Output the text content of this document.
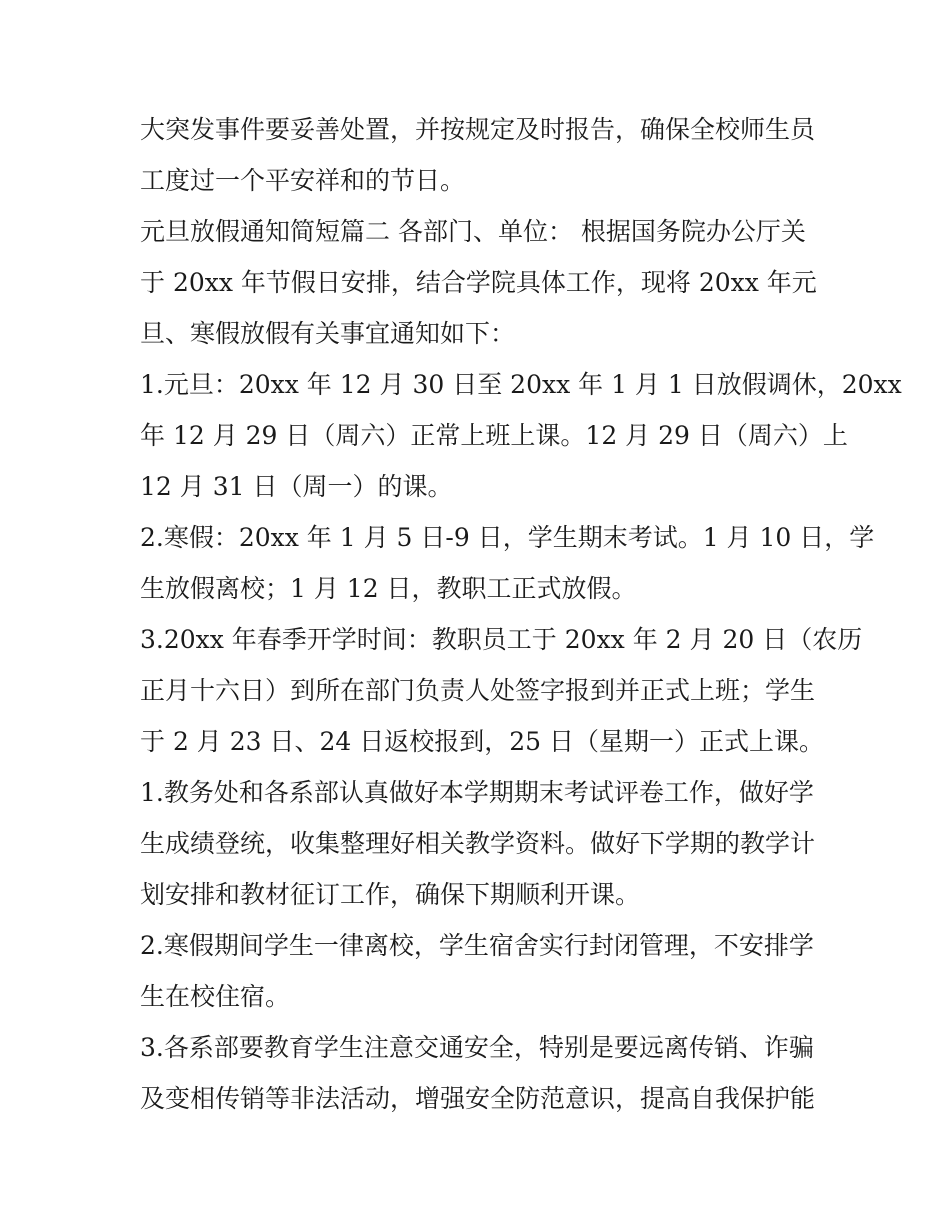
大突发事件要妥善处置，并按规定及时报告，确保全校师生员
工度过一个平安祥和的节日。
元旦放假通知简短篇二 各部门、单位： 根据国务院办公厅关
于 20xx 年节假日安排，结合学院具体工作，现将 20xx 年元
旦、寒假放假有关事宜通知如下：
1.元旦：20xx 年 12 月 30 日至 20xx 年 1 月 1 日放假调休，20xx
年 12 月 29 日（周六）正常上班上课。12 月 29 日（周六）上
12 月 31 日（周一）的课。
2.寒假：20xx 年 1 月 5 日-9 日，学生期末考试。1 月 10 日，学
生放假离校；1 月 12 日，教职工正式放假。
3.20xx 年春季开学时间：教职员工于 20xx 年 2 月 20 日（农历
正月十六日）到所在部门负责人处签字报到并正式上班；学生
于 2 月 23 日、24 日返校报到，25 日（星期一）正式上课。
1.教务处和各系部认真做好本学期期末考试评卷工作，做好学
生成绩登统，收集整理好相关教学资料。做好下学期的教学计
划安排和教材征订工作，确保下期顺利开课。
2.寒假期间学生一律离校，学生宿舍实行封闭管理，不安排学
生在校住宿。
3.各系部要教育学生注意交通安全，特别是要远离传销、诈骗
及变相传销等非法活动，增强安全防范意识，提高自我保护能
